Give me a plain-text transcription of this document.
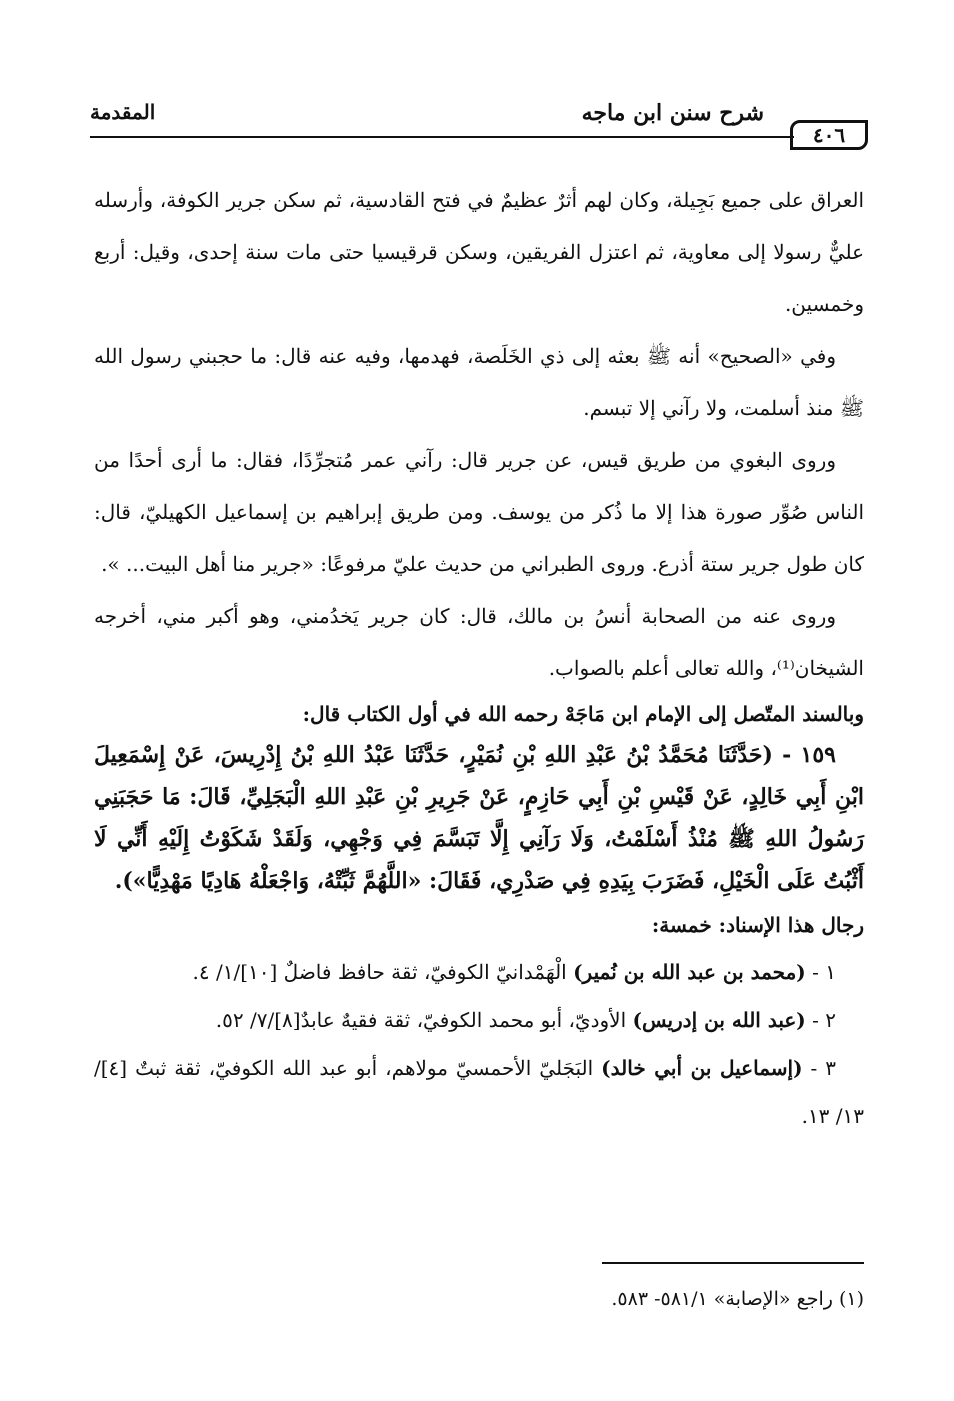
٤٠٦
شرح سنن ابن ماجه
المقدمة

العراق على جميع بَجِيلة، وكان لهم أثرٌ عظيمٌ في فتح القادسية، ثم سكن جرير الكوفة، وأرسله عليٌّ رسولا إلى معاوية، ثم اعتزل الفريقين، وسكن قرقيسيا حتى مات سنة إحدى، وقيل: أربع وخمسين.

وفي «الصحيح» أنه ﷺ بعثه إلى ذي الخَلَصة، فهدمها، وفيه عنه قال: ما حجبني رسول الله ﷺ منذ أسلمت، ولا رآني إلا تبسم.

وروى البغوي من طريق قيس، عن جرير قال: رآني عمر مُتجرِّدًا، فقال: ما أرى أحدًا من الناس صُوِّر صورة هذا إلا ما ذُكر من يوسف. ومن طريق إبراهيم بن إسماعيل الكهيليّ، قال: كان طول جرير ستة أذرع. وروى الطبراني من حديث عليّ مرفوعًا: «جرير منا أهل البيت... ».

وروى عنه من الصحابة أنسُ بن مالك، قال: كان جرير يَخدُمني، وهو أكبر مني، أخرجه الشيخان⁽¹⁾، والله تعالى أعلم بالصواب.

وبالسند المتّصل إلى الإمام ابن مَاجَهْ رحمه الله في أول الكتاب قال:

١٥٩ - (حَدَّثَنَا مُحَمَّدُ بْنُ عَبْدِ اللهِ بْنِ نُمَيْرٍ، حَدَّثَنَا عَبْدُ اللهِ بْنُ إِدْرِيسَ، عَنْ إِسْمَعِيلَ ابْنِ أَبِي خَالِدٍ، عَنْ قَيْسِ بْنِ أَبِي حَازِمٍ، عَنْ جَرِيرِ بْنِ عَبْدِ اللهِ الْبَجَلِيِّ، قَالَ: مَا حَجَبَنِي رَسُولُ اللهِ ﷺ مُنْذُ أَسْلَمْتُ، وَلَا رَآنِي إِلَّا تَبَسَّمَ فِي وَجْهِي، وَلَقَدْ شَكَوْتُ إِلَيْهِ أَنِّي لَا أَثْبُتُ عَلَى الْخَيْلِ، فَضَرَبَ بِيَدِهِ فِي صَدْرِي، فَقَالَ: «اللَّهُمَّ ثَبِّتْهُ، وَاجْعَلْهُ هَادِيًا مَهْدِيًّا»).

رجال هذا الإسناد: خمسة:

١ - (محمد بن عبد الله بن نُمير) الْهَمْدانيّ الكوفيّ، ثقة حافظ فاضلٌ [١٠]/١/ ٤.

٢ - (عبد الله بن إدريس) الأوديّ، أبو محمد الكوفيّ، ثقة فقيهٌ عابدٌ[٨]/٧/ ٥٢.

٣ - (إسماعيل بن أبي خالد) البَجَليّ الأحمسيّ مولاهم، أبو عبد الله الكوفيّ، ثقة ثبتٌ [٤]/١٣/ ١٣.

(١) راجع «الإصابة» ٥٨١/١- ٥٨٣.
